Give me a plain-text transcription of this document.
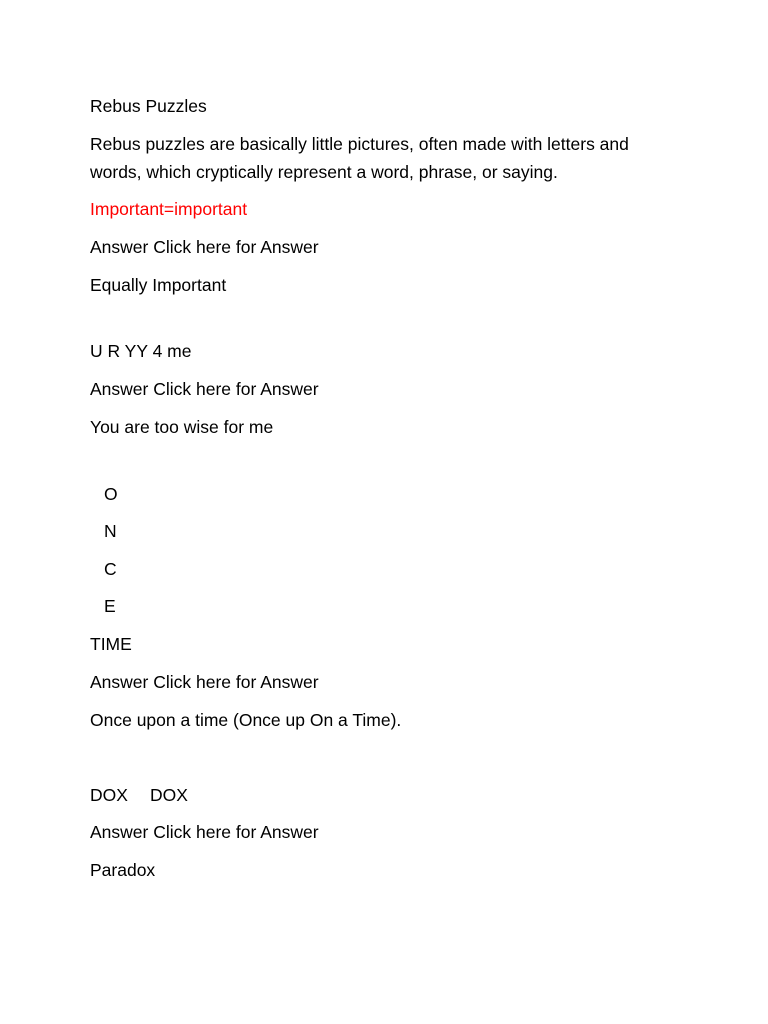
Rebus Puzzles

Rebus puzzles are basically little pictures, often made with letters and words, which cryptically represent a word, phrase, or saying.

Important=important

Answer Click here for Answer

Equally Important

U R YY 4 me

Answer Click here for Answer

You are too wise for me

O

N

C

E

TIME

Answer Click here for Answer

Once upon a time (Once up On a Time).

DOX DOX

Answer Click here for Answer

Paradox
